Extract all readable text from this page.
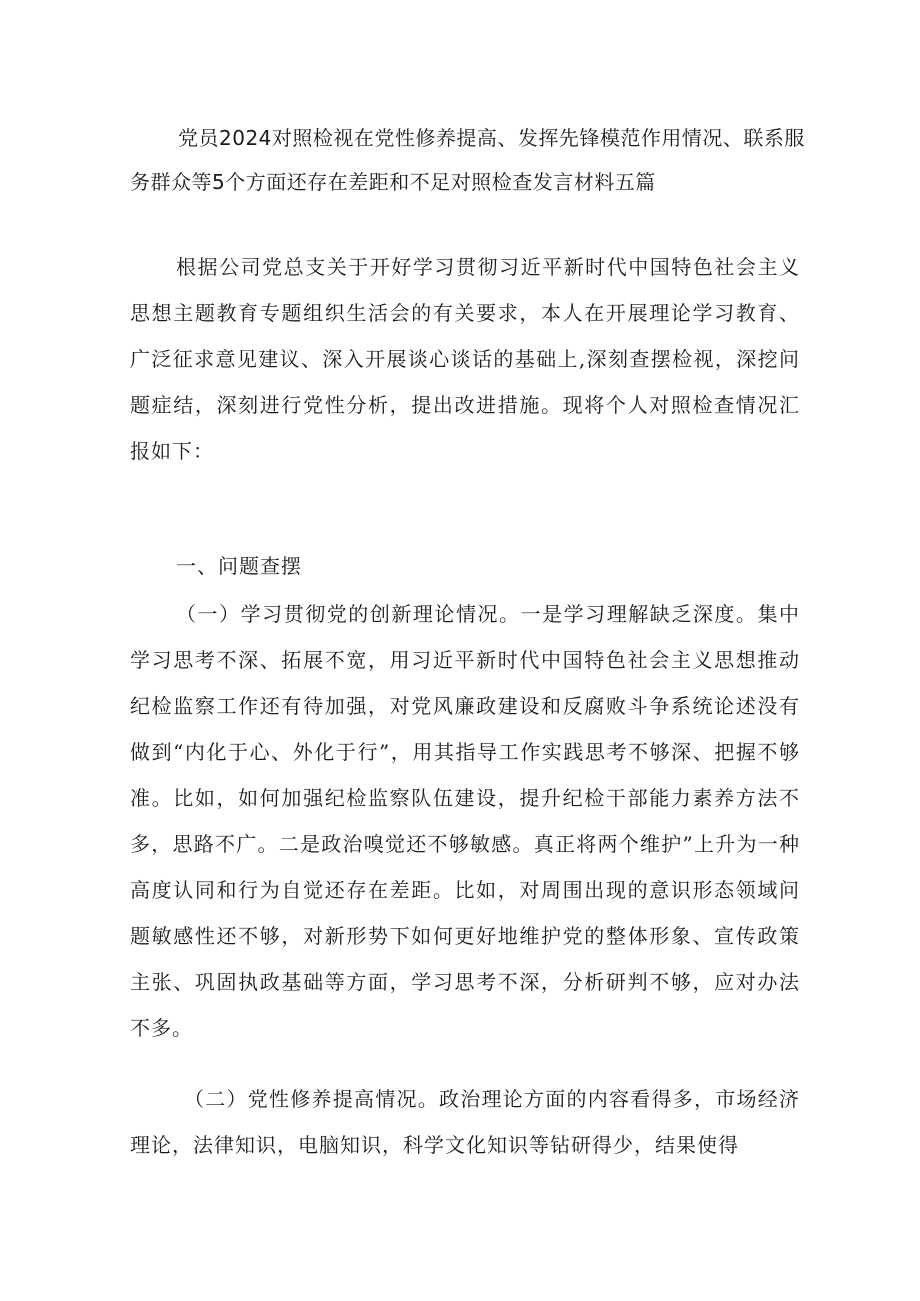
党员2024对照检视在党性修养提高、发挥先锋模范作用情况、联系服务群众等5个方面还存在差距和不足对照检查发言材料五篇

根据公司党总支关于开好学习贯彻习近平新时代中国特色社会主义思想主题教育专题组织生活会的有关要求，本人在开展理论学习教育、广泛征求意见建议、深入开展谈心谈话的基础上,深刻查摆检视，深挖问题症结，深刻进行党性分析，提出改进措施。现将个人对照检查情况汇报如下：

一、问题查摆

（一）学习贯彻党的创新理论情况。一是学习理解缺乏深度。集中学习思考不深、拓展不宽，用习近平新时代中国特色社会主义思想推动纪检监察工作还有待加强，对党风廉政建设和反腐败斗争系统论述没有做到“内化于心、外化于行”，用其指导工作实践思考不够深、把握不够准。比如，如何加强纪检监察队伍建设，提升纪检干部能力素养方法不多，思路不广。二是政治嗅觉还不够敏感。真正将两个维护”上升为一种高度认同和行为自觉还存在差距。比如，对周围出现的意识形态领域问题敏感性还不够，对新形势下如何更好地维护党的整体形象、宣传政策主张、巩固执政基础等方面，学习思考不深，分析研判不够，应对办法不多。

（二）党性修养提高情况。政治理论方面的内容看得多，市场经济理论，法律知识，电脑知识，科学文化知识等钻研得少，结果使得
